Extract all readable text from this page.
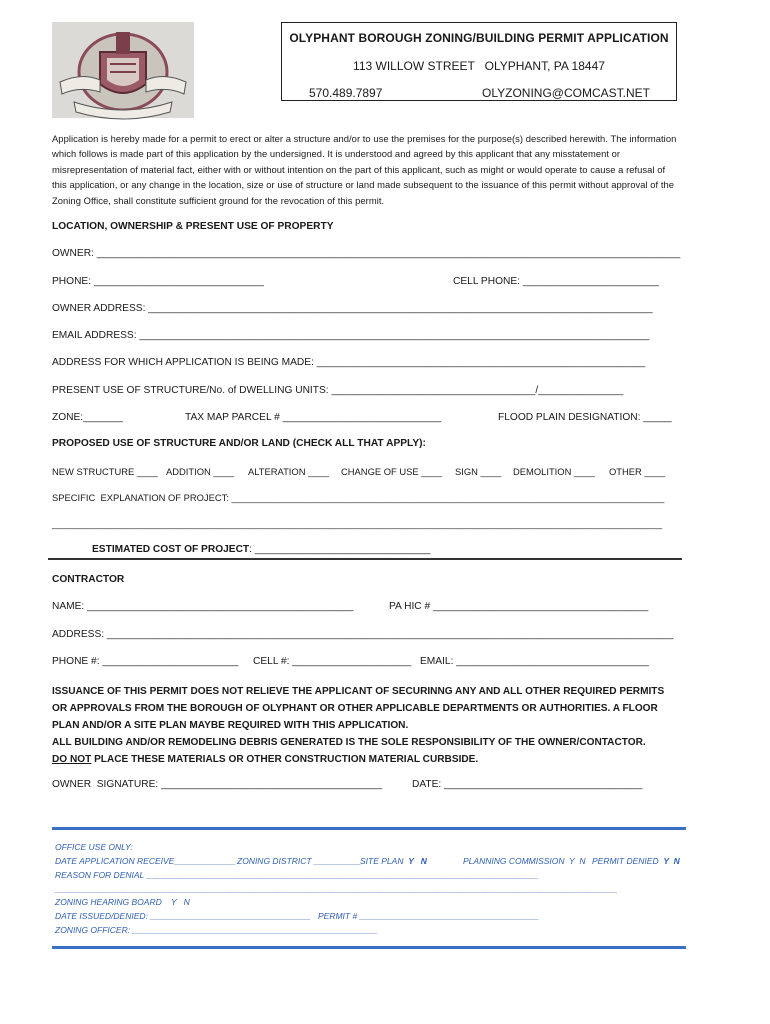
OLYPHANT BOROUGH ZONING/BUILDING PERMIT APPLICATION
113 WILLOW STREET   OLYPHANT, PA 18447
570.489.7897	OLYZONING@COMCAST.NET
Application is hereby made for a permit to erect or alter a structure and/or to use the premises for the purpose(s) described herewith. The information which follows is made part of this application by the undersigned. It is understood and agreed by this applicant that any misstatement or misrepresentation of material fact, either with or without intention on the part of this applicant, such as might or would operate to cause a refusal of this application, or any change in the location, size or use of structure or land made subsequent to the issuance of this permit without approval of the Zoning Office, shall constitute sufficient ground for the revocation of this permit.
LOCATION, OWNERSHIP & PRESENT USE OF PROPERTY
OWNER: _______________________________________________________________________________________________________
PHONE: ______________________________	CELL PHONE: ________________________
OWNER ADDRESS: _________________________________________________________________________________________
EMAIL ADDRESS: __________________________________________________________________________________________
ADDRESS FOR WHICH APPLICATION IS BEING MADE: __________________________________________________________
PRESENT USE OF STRUCTURE/No. of DWELLING UNITS: ____________________________________/_______________
ZONE:_______	TAX MAP PARCEL # ____________________________	FLOOD PLAIN DESIGNATION: _____
PROPOSED USE OF STRUCTURE AND/OR LAND (CHECK ALL THAT APPLY):
NEW STRUCTURE ____ ADDITION ____ ALTERATION ____ CHANGE OF USE ____ SIGN ____ DEMOLITION ____ OTHER ____
SPECIFIC  EXPLANATION OF PROJECT: ___________________________________________________________________________________
_____________________________________________________________________________________________________________________
ESTIMATED COST OF PROJECT: _______________________________
CONTRACTOR
NAME: _______________________________________________	PA HIC # ______________________________________
ADDRESS: ____________________________________________________________________________________________________
PHONE #: ________________________ CELL #: _____________________ EMAIL: __________________________________
ISSUANCE OF THIS PERMIT DOES NOT RELIEVE THE APPLICANT OF SECURINNG ANY AND ALL OTHER REQUIRED PERMITS
OR APPROVALS FROM THE BOROUGH OF OLYPHANT OR OTHER APPLICABLE DEPARTMENTS OR AUTHORITIES. A FLOOR
PLAN AND/OR A SITE PLAN MAYBE REQUIRED WITH THIS APPLICATION.
ALL BUILDING AND/OR REMODELING DEBRIS GENERATED IS THE SOLE RESPONSIBILITY OF THE OWNER/CONTACTOR.
DO NOT PLACE THESE MATERIALS OR OTHER CONSTRUCTION MATERIAL CURBSIDE.
OWNER  SIGNATURE: _______________________________________	DATE: ___________________________________
OFFICE USE ONLY:
DATE APPLICATION RECEIVE_____________ ZONING DISTRICT __________
SITE PLAN Y   N	PLANNING COMMISSION  Y  N PERMIT DENIED Y  N
REASON FOR DENIAL ___________________________________________________________________________________
_______________________________________________________________________________________________________________________
ZONING HEARING BOARD    Y   N
DATE ISSUED/DENIED: __________________________________ PERMIT # ______________________________________
ZONING OFFICER: ____________________________________________________
